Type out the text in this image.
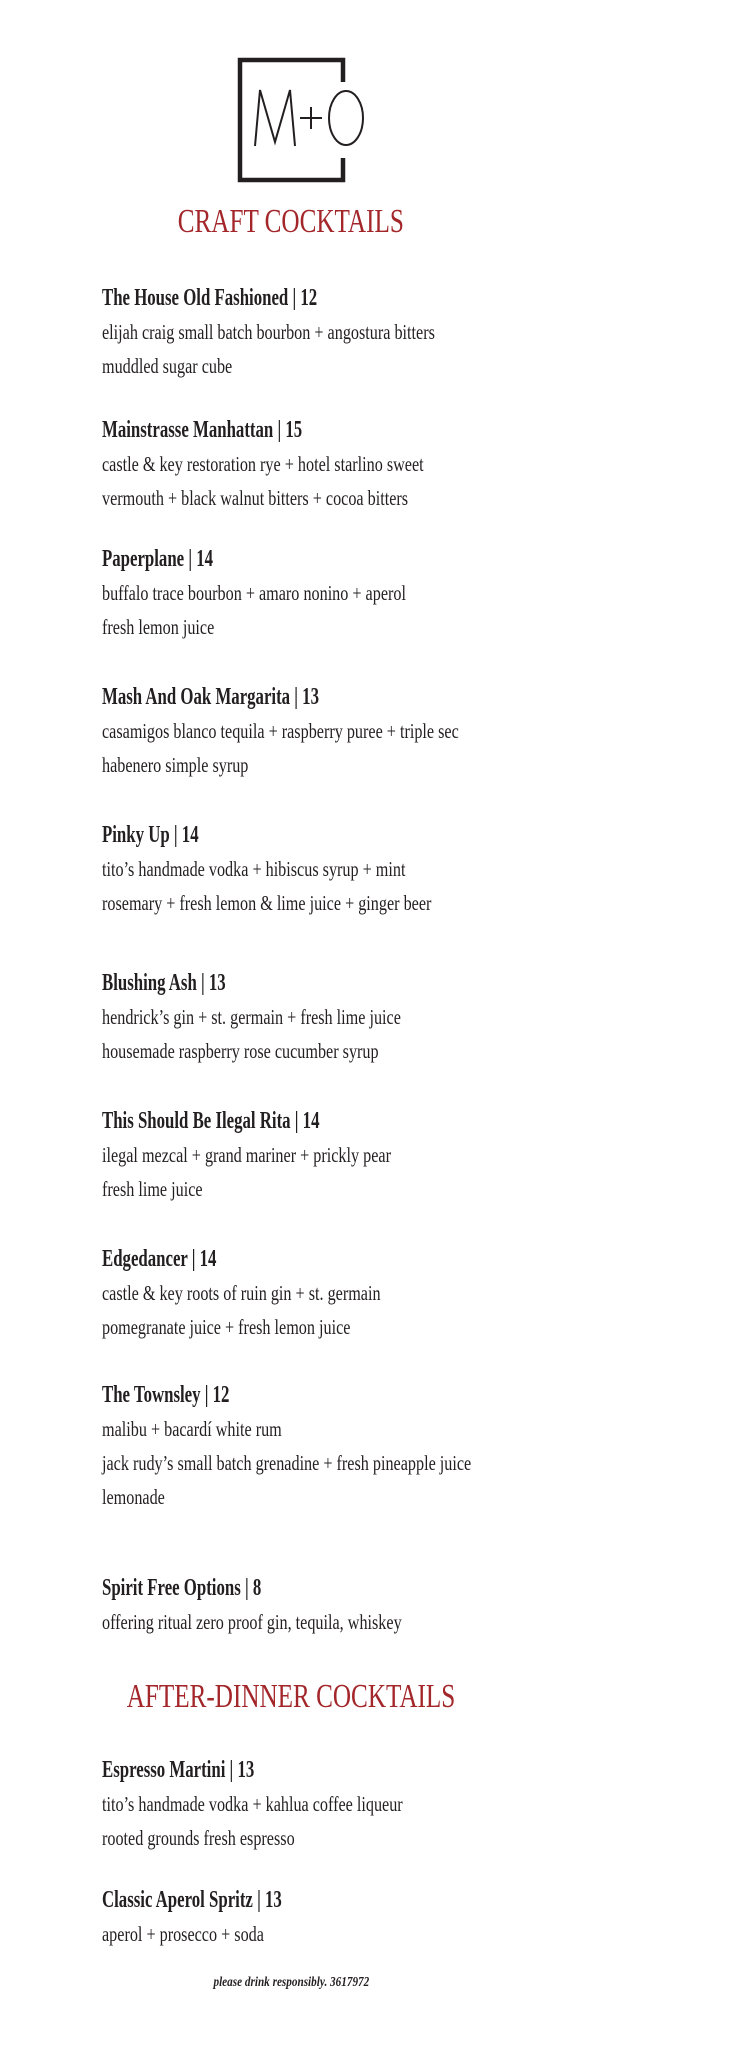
CRAFT COCKTAILS
The House Old Fashioned | 12
elijah craig small batch bourbon + angostura bitters
muddled sugar cube
Mainstrasse Manhattan | 15
castle & key restoration rye + hotel starlino sweet
vermouth + black walnut bitters + cocoa bitters
Paperplane | 14
buffalo trace bourbon + amaro nonino + aperol
fresh lemon juice
Mash And Oak Margarita | 13
casamigos blanco tequila + raspberry puree + triple sec
habenero simple syrup
Pinky Up | 14
tito’s handmade vodka + hibiscus syrup + mint
rosemary + fresh lemon & lime juice + ginger beer
Blushing Ash | 13
hendrick’s gin + st. germain + fresh lime juice
housemade raspberry rose cucumber syrup
This Should Be Ilegal Rita | 14
ilegal mezcal + grand mariner + prickly pear
fresh lime juice
Edgedancer | 14
castle & key roots of ruin gin + st. germain
pomegranate juice + fresh lemon juice
The Townsley | 12
malibu + bacardí white rum
jack rudy’s small batch grenadine + fresh pineapple juice
lemonade
Spirit Free Options | 8
offering ritual zero proof gin, tequila, whiskey
AFTER-DINNER COCKTAILS
Espresso Martini | 13
tito’s handmade vodka + kahlua coffee liqueur
rooted grounds fresh espresso
Classic Aperol Spritz | 13
aperol + prosecco + soda
please drink responsibly. 3617972
